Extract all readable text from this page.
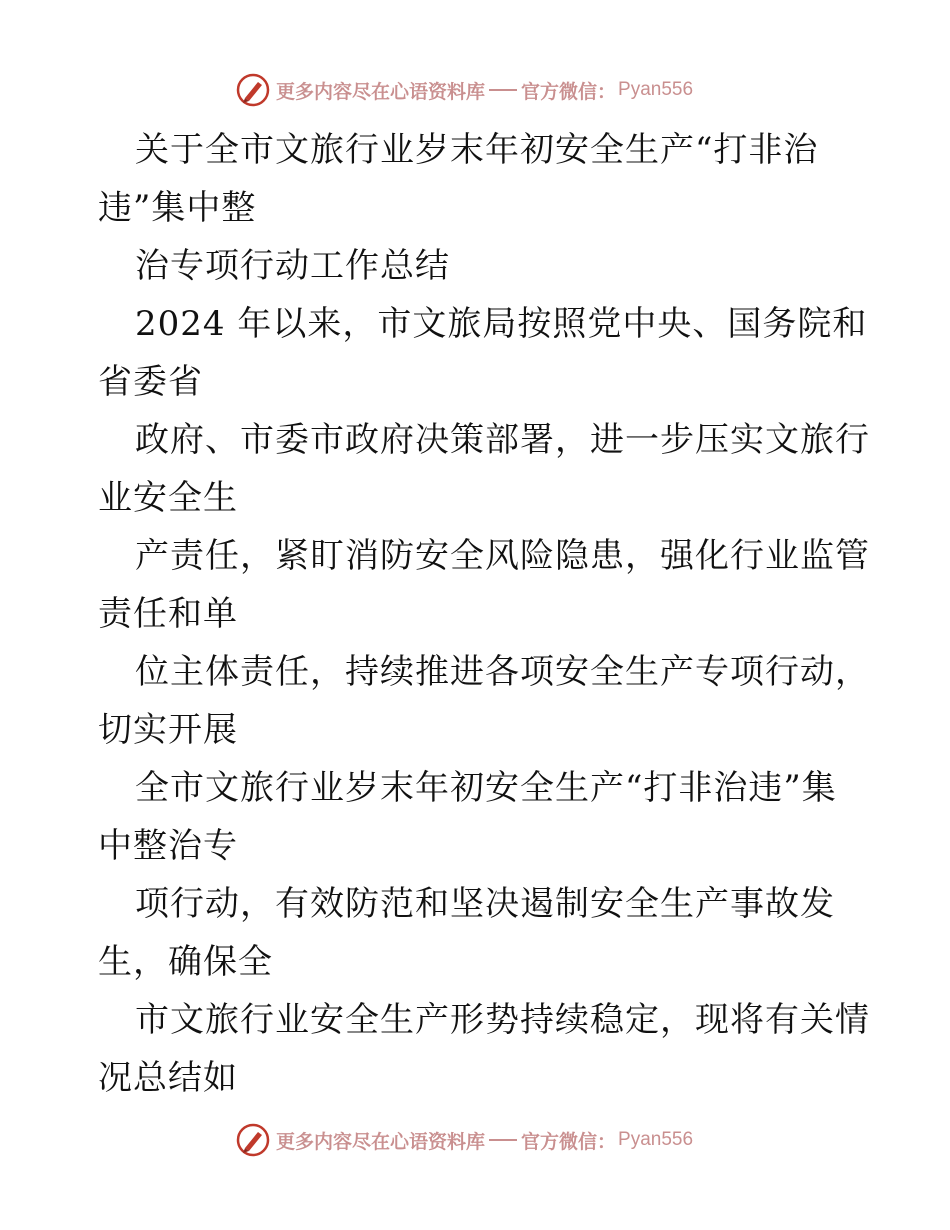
更多内容尽在心语资料库 官方微信： Pyan556
关于全市文旅行业岁末年初安全生产“打非治
违”集中整
治专项行动工作总结
2024 年以来，市文旅局按照党中央、国务院和
省委省
政府、市委市政府决策部署，进一步压实文旅行
业安全生
产责任，紧盯消防安全风险隐患，强化行业监管
责任和单
位主体责任，持续推进各项安全生产专项行动，
切实开展
全市文旅行业岁末年初安全生产“打非治违”集
中整治专
项行动，有效防范和坚决遏制安全生产事故发
生，确保全
市文旅行业安全生产形势持续稳定，现将有关情
况总结如
更多内容尽在心语资料库 官方微信： Pyan556
